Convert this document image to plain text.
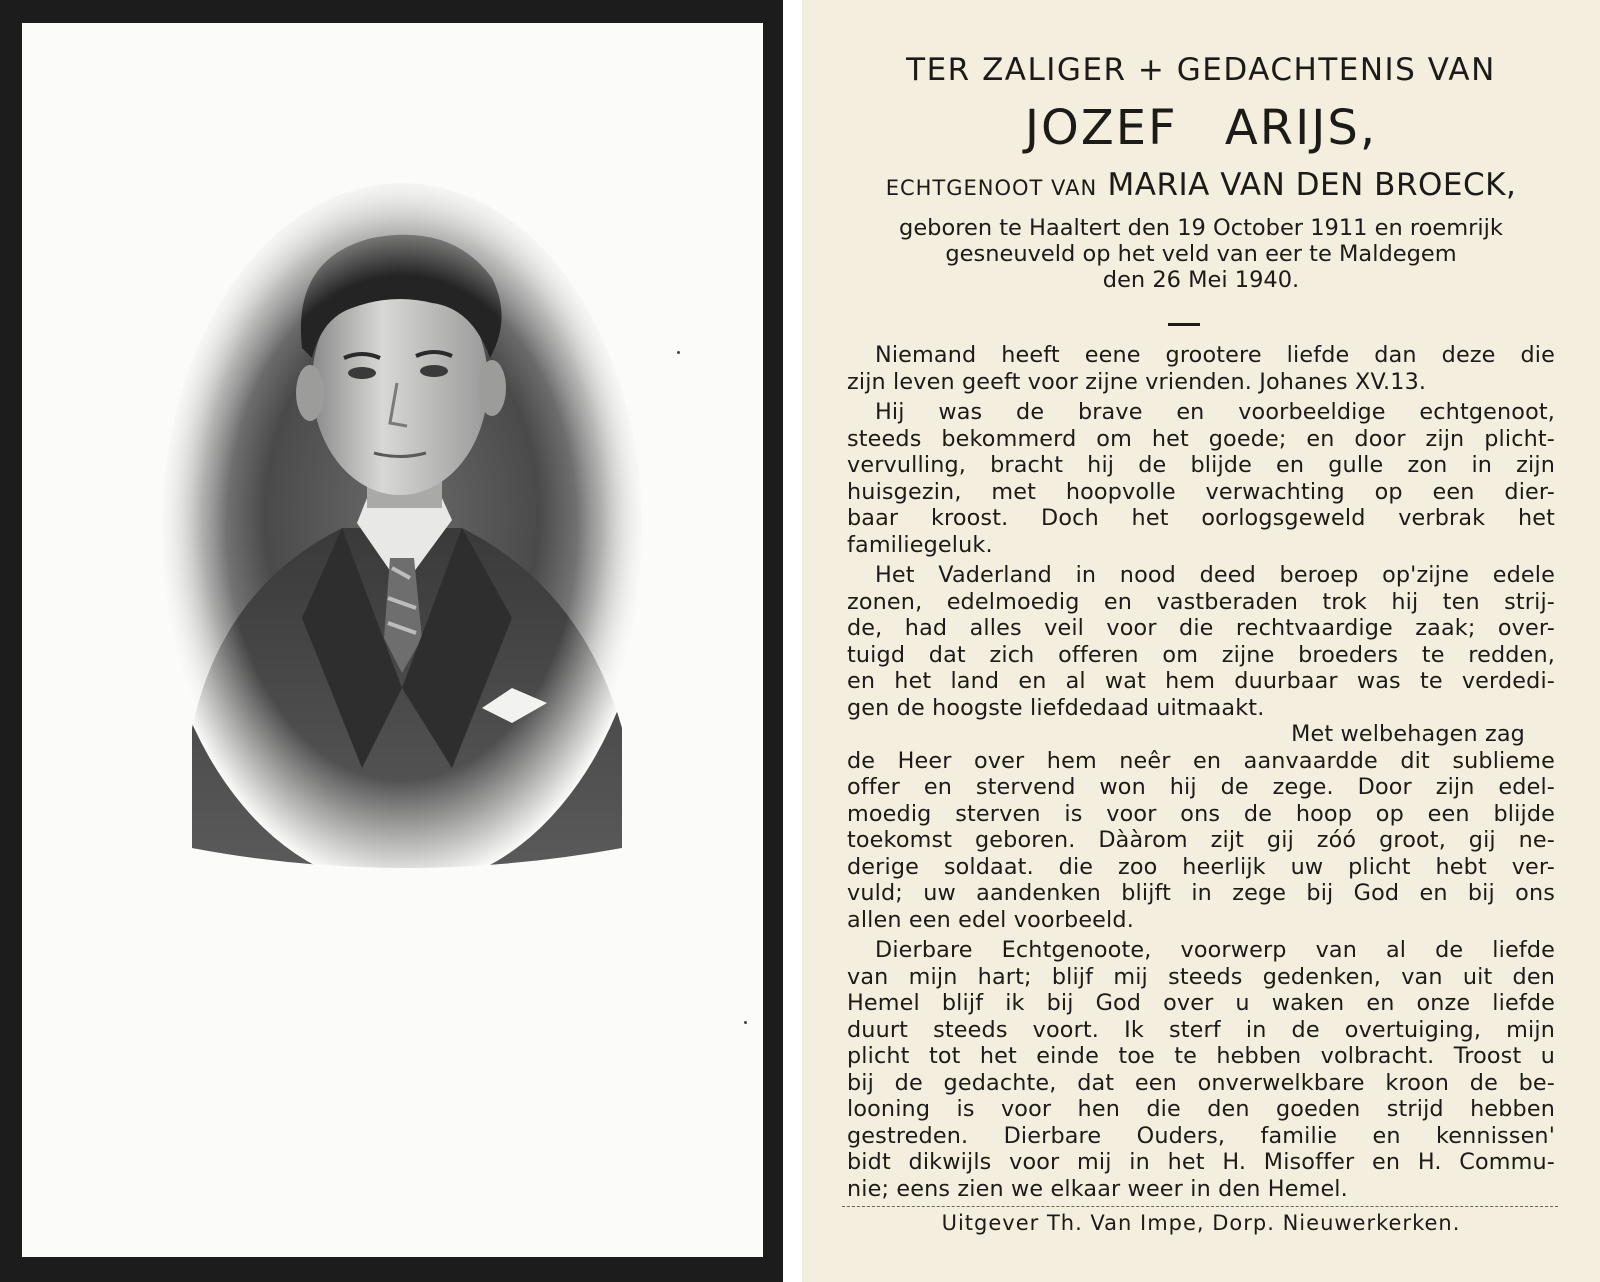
TER ZALIGER + GEDACHTENIS VAN
JOZEF ARIJS,
ECHTGENOOT VAN MARIA VAN DEN BROECK,
geboren te Haaltert den 19 October 1911 en roemrijk
gesneuveld op het veld van eer te Maldegem
den 26 Mei 1940.
Niemand heeft eene grootere liefde dan deze die
zijn leven geeft voor zijne vrienden. Johanes XV.13.
Hij was de brave en voorbeeldige echtgenoot,
steeds bekommerd om het goede; en door zijn plicht-
vervulling, bracht hij de blijde en gulle zon in zijn
huisgezin, met hoopvolle verwachting op een dier-
baar kroost. Doch het oorlogsgeweld verbrak het
familiegeluk.
Het Vaderland in nood deed beroep op'zijne edele
zonen, edelmoedig en vastberaden trok hij ten strij-
de, had alles veil voor die rechtvaardige zaak; over-
tuigd dat zich offeren om zijne broeders te redden,
en het land en al wat hem duurbaar was te verdedi-
gen de hoogste liefdedaad uitmaakt.
Met welbehagen zag
de Heer over hem neêr en aanvaardde dit sublieme
offer en stervend won hij de zege. Door zijn edel-
moedig sterven is voor ons de hoop op een blijde
toekomst geboren. Dààrom zijt gij zóó groot, gij ne-
derige soldaat. die zoo heerlijk uw plicht hebt ver-
vuld; uw aandenken blijft in zege bij God en bij ons
allen een edel voorbeeld.
Dierbare Echtgenoote, voorwerp van al de liefde
van mijn hart; blijf mij steeds gedenken, van uit den
Hemel blijf ik bij God over u waken en onze liefde
duurt steeds voort. Ik sterf in de overtuiging, mijn
plicht tot het einde toe te hebben volbracht. Troost u
bij de gedachte, dat een onverwelkbare kroon de be-
looning is voor hen die den goeden strijd hebben
gestreden. Dierbare Ouders, familie en kennissen'
bidt dikwijls voor mij in het H. Misoffer en H. Commu-
nie; eens zien we elkaar weer in den Hemel.
Uitgever Th. Van Impe, Dorp. Nieuwerkerken.
